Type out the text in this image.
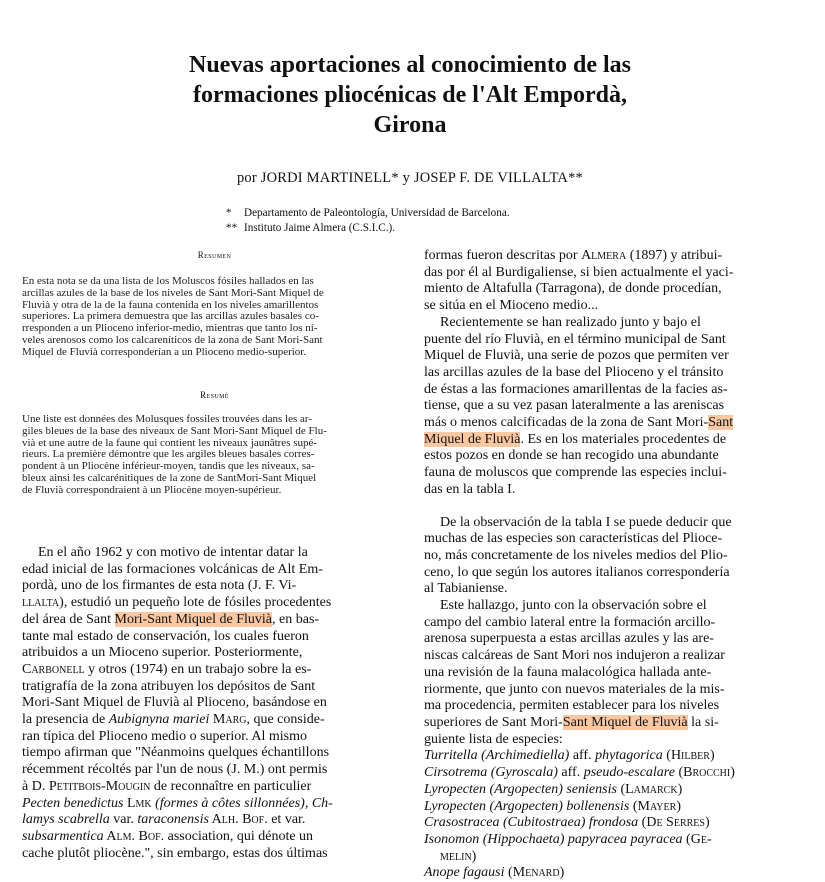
Nuevas aportaciones al conocimiento de las
formaciones pliocénicas de l'Alt Empordà,
Girona
por JORDI MARTINELL* y JOSEP F. DE VILLALTA**
* Departamento de Paleontología, Universidad de Barcelona.
** Instituto Jaime Almera (C.S.I.C.).
Resumen
En esta nota se da una lista de los Moluscos fósiles hallados en las
arcillas azules de la base de los niveles de Sant Mori-Sant Miquel de
Fluvià y otra de la de la fauna contenida en los niveles amarillentos
superiores. La primera demuestra que las arcillas azules basales co-
rresponden a un Plioceno inferior-medio, mientras que tanto los ni-
veles arenosos como los calcareníticos de la zona de Sant Mori-Sant
Miquel de Fluvià corresponderían a un Plioceno medio-superior.
Resumé
Une liste est données des Molusques fossiles trouvées dans les ar-
giles bleues de la base des niveaux de Sant Mori-Sant Miquel de Flu-
vià et une autre de la faune qui contient les niveaux jaunâtres supé-
rieurs. La première démontre que les argiles bleues basales corres-
pondent à un Pliocène inférieur-moyen, tandis que les niveaux, sa-
bleux ainsi les calcarénitiques de la zone de SantMori-Sant Miquel
de Fluvià correspondraient à un Pliocène moyen-supérieur.
En el año 1962 y con motivo de intentar datar la
edad inicial de las formaciones volcánicas de Alt Em-
pordà, uno de los firmantes de esta nota (J. F. Vi-
llalta), estudió un pequeño lote de fósiles procedentes
del área de Sant Mori-Sant Miquel de Fluvià, en bas-
tante mal estado de conservación, los cuales fueron
atribuidos a un Mioceno superior. Posteriormente,
Carbonell y otros (1974) en un trabajo sobre la es-
tratigrafía de la zona atribuyen los depósitos de Sant
Mori-Sant Miquel de Fluvià al Plioceno, basándose en
la presencia de Aubignyna mariei Marg, que conside-
ran típica del Plioceno medio o superior. Al mismo
tiempo afirman que "Néanmoins quelques échantillons
récemment récoltés par l'un de nous (J. M.) ont permis
à D. Petitbois-Mougin de reconnaître en particulier
Pecten benedictus Lmk (formes à côtes sillonnées), Ch-
lamys scabrella var. taraconensis Alh. Bof. et var.
subsarmentica Alm. Bof. association, qui dénote un
cache plutôt pliocène.", sin embargo, estas dos últimas
formas fueron descritas por Almera (1897) y atribui-
das por él al Burdigaliense, si bien actualmente el yaci-
miento de Altafulla (Tarragona), de donde procedían,
se sitúa en el Mioceno medio...
Recientemente se han realizado junto y bajo el
puente del río Fluvià, en el término municipal de Sant
Miquel de Fluvià, una serie de pozos que permiten ver
las arcillas azules de la base del Plioceno y el tránsito
de éstas a las formaciones amarillentas de la facies as-
tiense, que a su vez pasan lateralmente a las areniscas
más o menos calcificadas de la zona de Sant Mori-Sant
Miquel de Fluvià. Es en los materiales procedentes de
estos pozos en donde se han recogido una abundante
fauna de moluscos que comprende las especies inclui-
das en la tabla I.
De la observación de la tabla I se puede deducir que
muchas de las especies son características del Plioce-
no, más concretamente de los niveles medios del Plio-
ceno, lo que según los autores italianos correspondería
al Tabianiense.
Este hallazgo, junto con la observación sobre el
campo del cambio lateral entre la formación arcillo-
arenosa superpuesta a estas arcillas azules y las are-
niscas calcáreas de Sant Mori nos indujeron a realizar
una revisión de la fauna malacológica hallada ante-
riormente, que junto con nuevos materiales de la mis-
ma procedencia, permiten establecer para los niveles
superiores de Sant Mori-Sant Miquel de Fluvià la si-
guiente lista de especies:
Turritella (Archimediella) aff. phytagorica (Hilber)
Cirsotrema (Gyroscala) aff. pseudo-escalare (Brocchi)
Lyropecten (Argopecten) seniensis (Lamarck)
Lyropecten (Argopecten) bollenensis (Mayer)
Crasostracea (Cubitostraea) frondosa (De Serres)
Isonomon (Hippochaeta) papyracea payracea (Ge-
melin)
Anope fagausi (Menard)
